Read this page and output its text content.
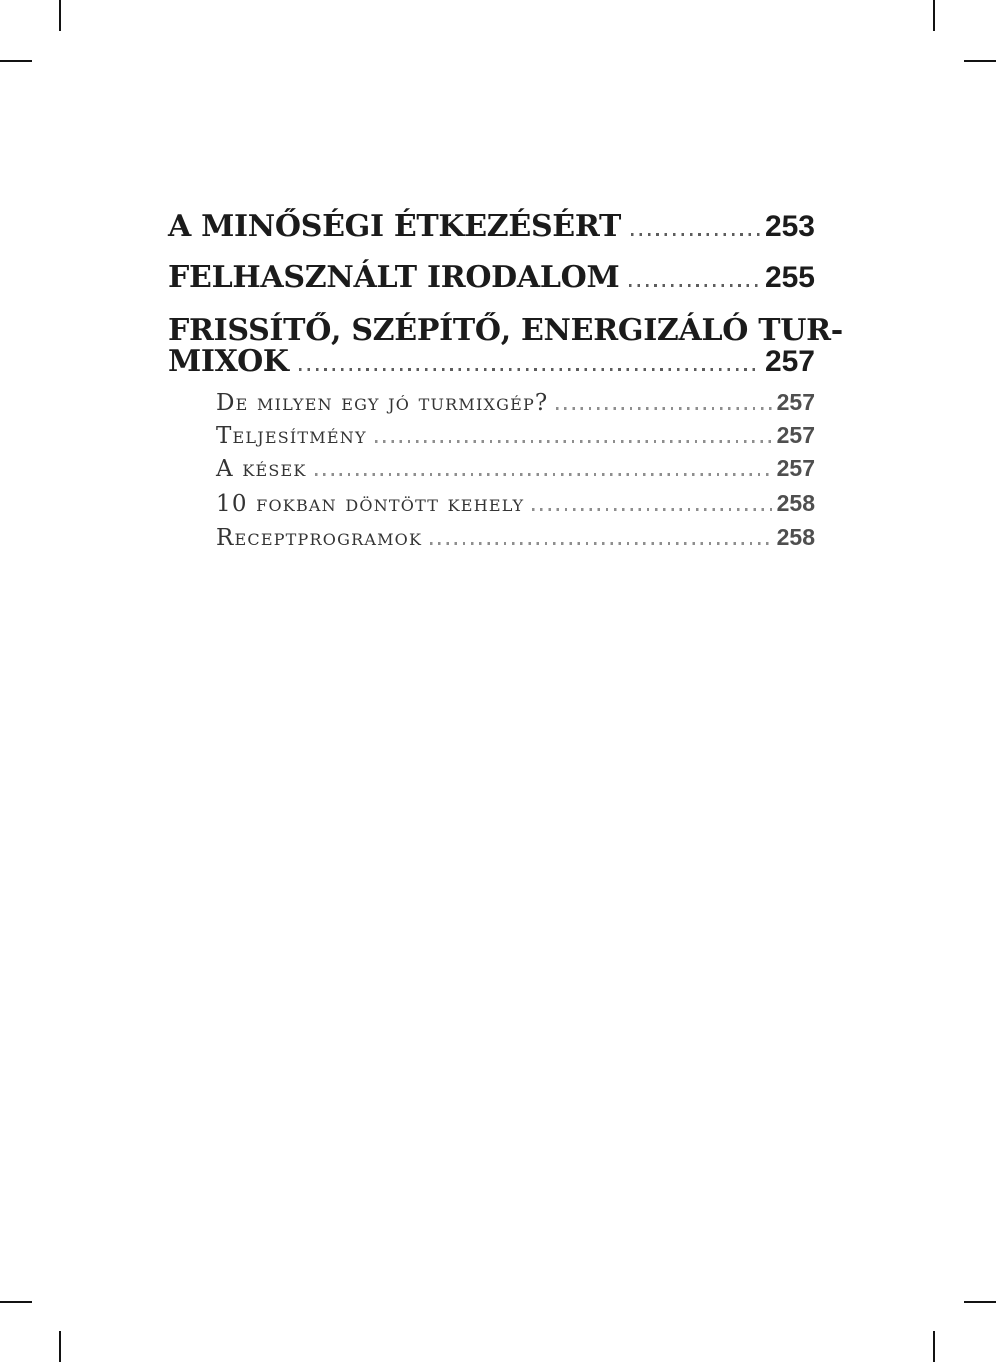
A MINŐSÉGI ÉTKEZÉSÉRT	253
FELHASZNÁLT IRODALOM	255
FRISSÍTŐ, SZÉPÍTŐ, ENERGIZÁLÓ TUR-
MIXOK	257
De milyen egy jó turmixgép?	257
Teljesítmény	257
A kések	257
10 fokban döntött kehely	258
Receptprogramok	258
